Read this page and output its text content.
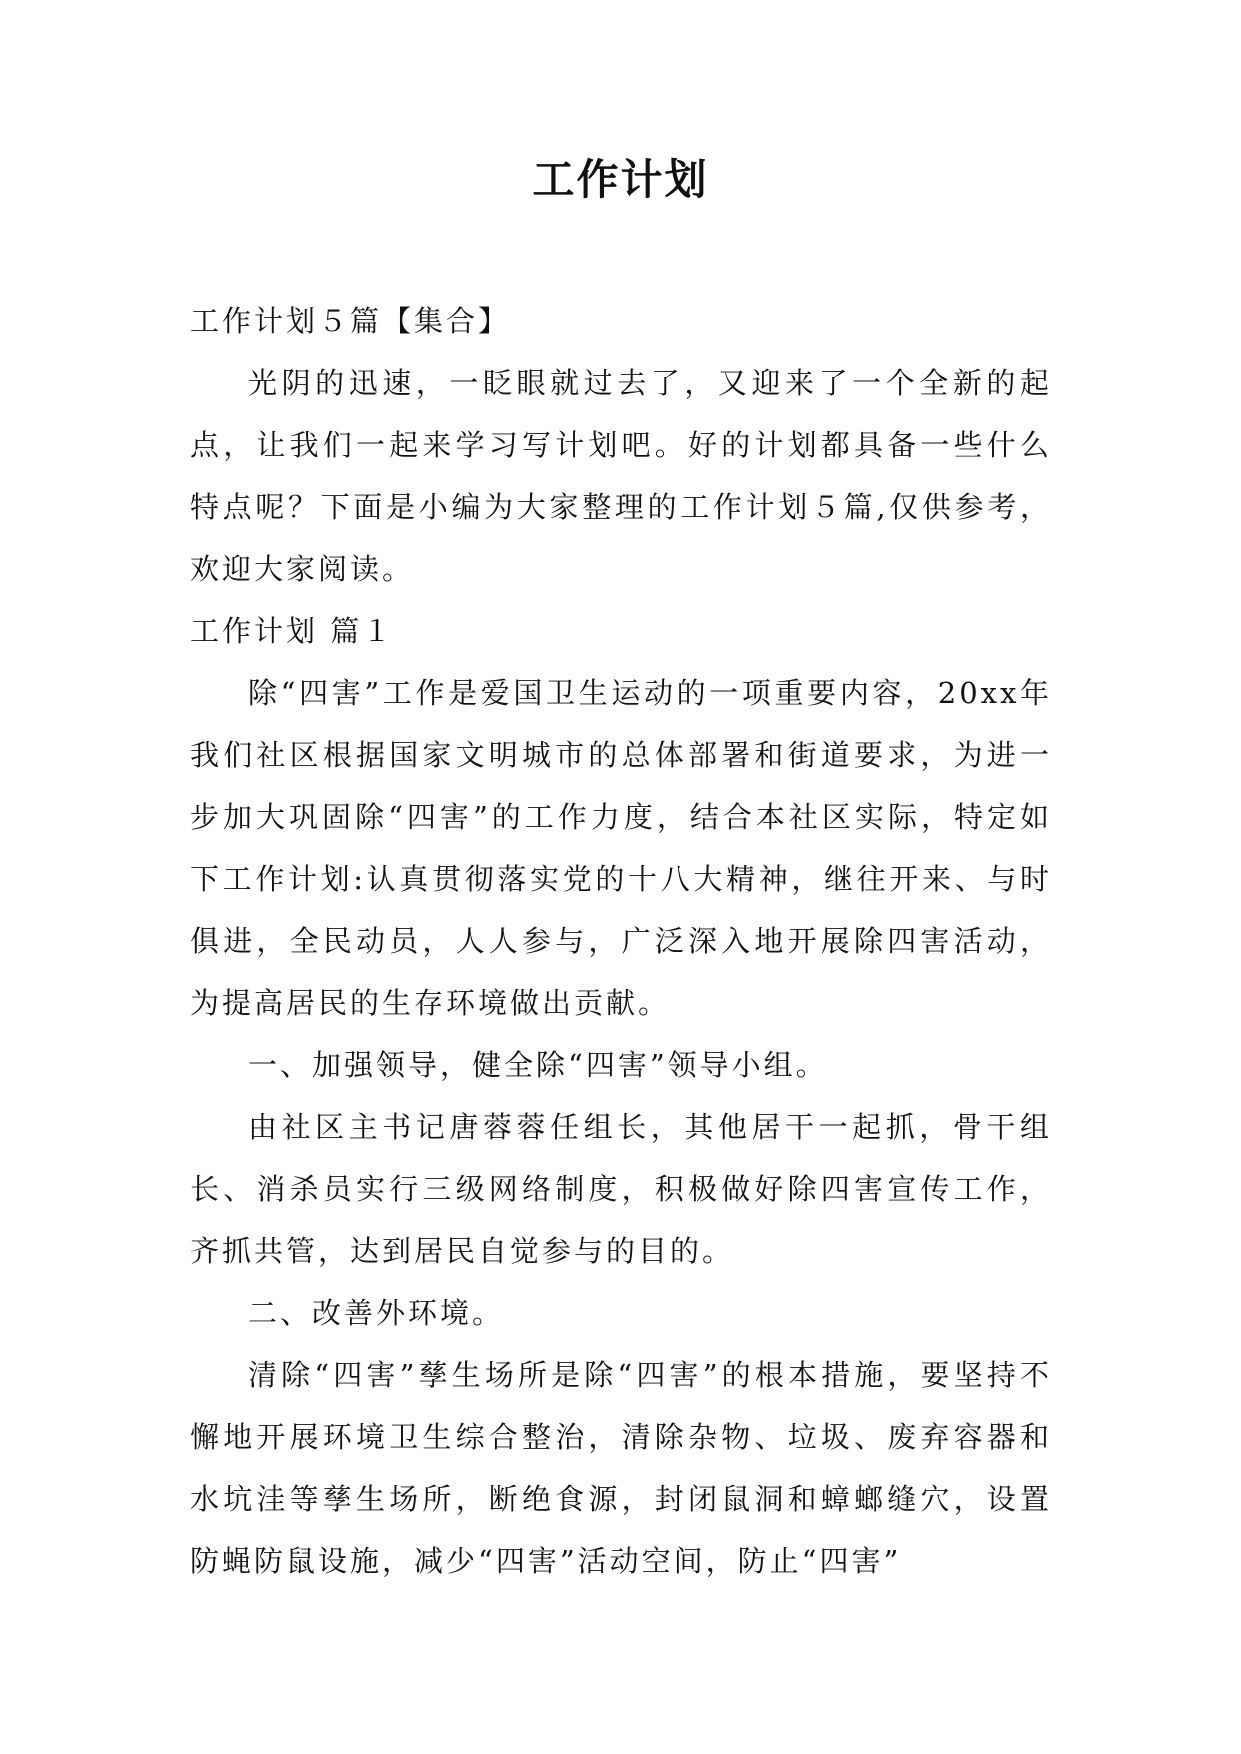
工作计划

工作计划５篇【集合】

光阴的迅速，一眨眼就过去了，又迎来了一个全新的起点，让我们一起来学习写计划吧。好的计划都具备一些什么特点呢？下面是小编为大家整理的工作计划５篇,仅供参考，欢迎大家阅读。

工作计划 篇１

除“四害”工作是爱国卫生运动的一项重要内容，20xx年我们社区根据国家文明城市的总体部署和街道要求，为进一步加大巩固除“四害”的工作力度，结合本社区实际，特定如下工作计划:认真贯彻落实党的十八大精神，继往开来、与时俱进，全民动员，人人参与，广泛深入地开展除四害活动，为提高居民的生存环境做出贡献。

一、加强领导，健全除“四害”领导小组。

由社区主书记唐蓉蓉任组长，其他居干一起抓，骨干组长、消杀员实行三级网络制度，积极做好除四害宣传工作，齐抓共管，达到居民自觉参与的目的。

二、改善外环境。

清除“四害”孳生场所是除“四害”的根本措施，要坚持不懈地开展环境卫生综合整治，清除杂物、垃圾、废弃容器和水坑洼等孳生场所，断绝食源，封闭鼠洞和蟑螂缝穴，设置防蝇防鼠设施，减少“四害”活动空间，防止“四害”
